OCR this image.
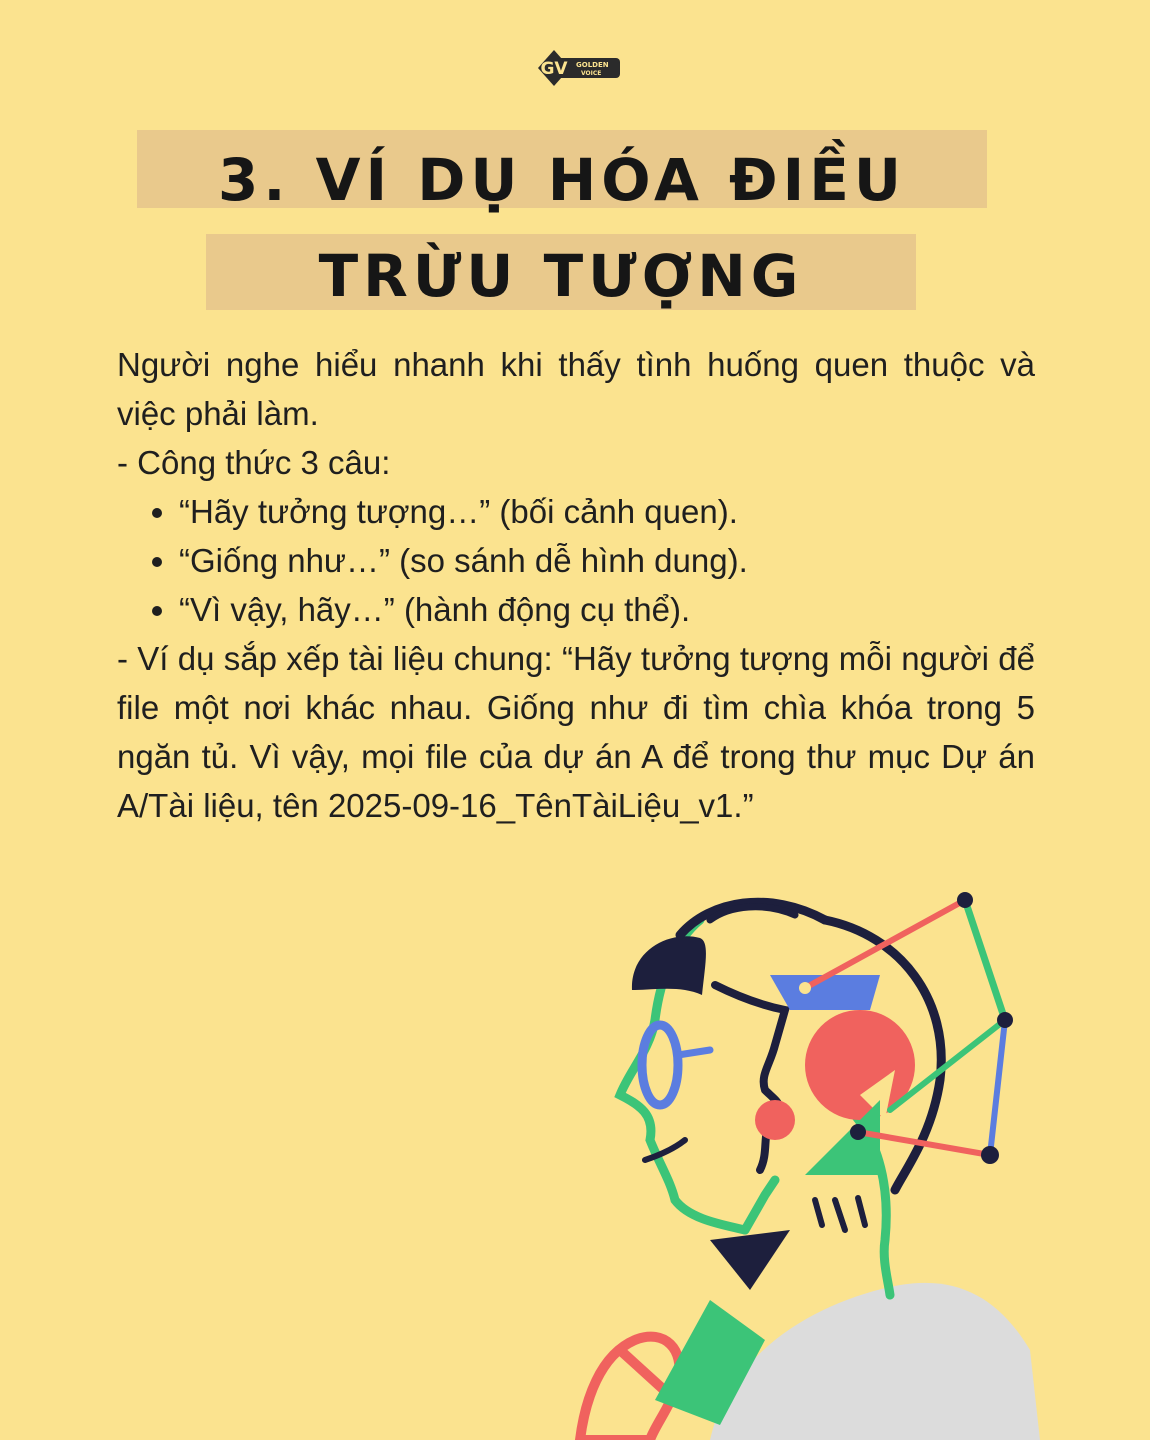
GV GOLDEN
VOICE
3. VÍ DỤ HÓA ĐIỀU
TRỪU TƯỢNG

Người nghe hiểu nhanh khi thấy tình huống quen thuộc và việc phải làm.

- Công thức 3 câu:

• “Hãy tưởng tượng…” (bối cảnh quen).
• “Giống như…” (so sánh dễ hình dung).
• “Vì vậy, hãy…” (hành động cụ thể).

- Ví dụ sắp xếp tài liệu chung: “Hãy tưởng tượng mỗi người để file một nơi khác nhau. Giống như đi tìm chìa khóa trong 5 ngăn tủ. Vì vậy, mọi file của dự án A để trong thư mục Dự án A/Tài liệu, tên 2025-09-16_TênTàiLiệu_v1.”
